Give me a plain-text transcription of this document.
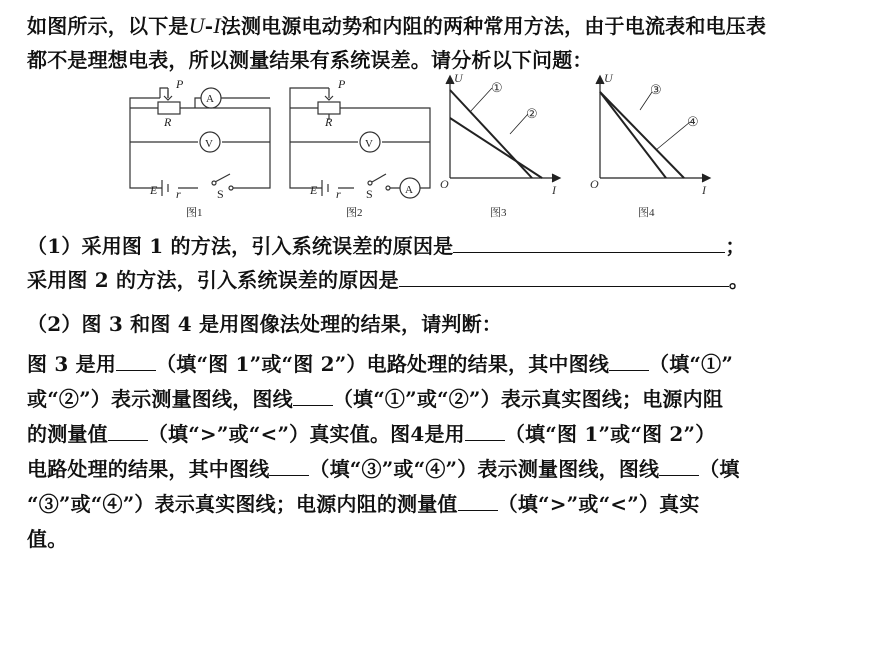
如图所示，以下是U-I法测电源电动势和内阻的两种常用方法，由于电流表和电压表
都不是理想电表，所以测量结果有系统误差。请分析以下问题：
P
R
A
V
E r	S
图1
P
R
V
A
E r S
图2
U
I
O
①
②
图3
U
I
O
③
④
图4
（1）采用图 1 的方法，引入系统误差的原因是	；
采用图 2 的方法，引入系统误差的原因是	。
（2）图 3 和图 4 是用图像法处理的结果，请判断：
图 3 是用 （填“图 1”或“图 2”）电路处理的结果，其中图线 （填“①”
或“②”）表示测量图线，图线 （填“①”或“②”）表示真实图线；电源内阻
的测量值 （填“>”或“<”）真实值。图4是用 （填“图 1”或“图 2”）
电路处理的结果，其中图线 （填“③”或“④”）表示测量图线，图线 （填
“③”或“④”）表示真实图线；电源内阻的测量值 （填“>”或“<”）真实
值。
